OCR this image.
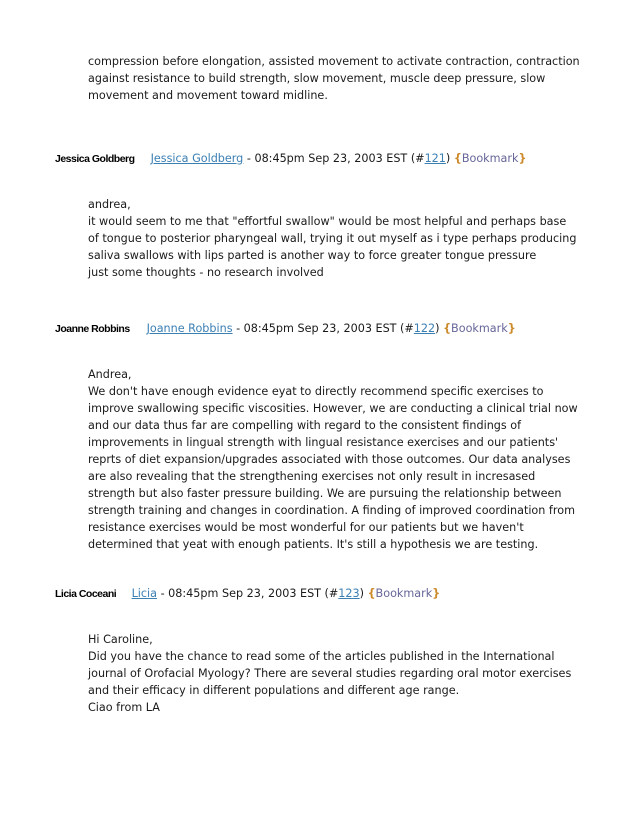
compression before elongation, assisted movement to activate contraction, contraction
against resistance to build strength, slow movement, muscle deep pressure, slow
movement and movement toward midline.
Jessica Goldberg Jessica Goldberg - 08:45pm Sep 23, 2003 EST (#121) {Bookmark}
andrea,
it would seem to me that "effortful swallow" would be most helpful and perhaps base
of tongue to posterior pharyngeal wall, trying it out myself as i type perhaps producing
saliva swallows with lips parted is another way to force greater tongue pressure
just some thoughts - no research involved
Joanne Robbins Joanne Robbins - 08:45pm Sep 23, 2003 EST (#122) {Bookmark}
Andrea,
We don't have enough evidence eyat to directly recommend specific exercises to
improve swallowing specific viscosities. However, we are conducting a clinical trial now
and our data thus far are compelling with regard to the consistent findings of
improvements in lingual strength with lingual resistance exercises and our patients'
reprts of diet expansion/upgrades associated with those outcomes. Our data analyses
are also revealing that the strengthening exercises not only result in incresased
strength but also faster pressure building. We are pursuing the relationship between
strength training and changes in coordination. A finding of improved coordination from
resistance exercises would be most wonderful for our patients but we haven't
determined that yeat with enough patients. It's still a hypothesis we are testing.
Licia Coceani Licia - 08:45pm Sep 23, 2003 EST (#123) {Bookmark}
Hi Caroline,
Did you have the chance to read some of the articles published in the International
journal of Orofacial Myology? There are several studies regarding oral motor exercises
and their efficacy in different populations and different age range.
Ciao from LA
